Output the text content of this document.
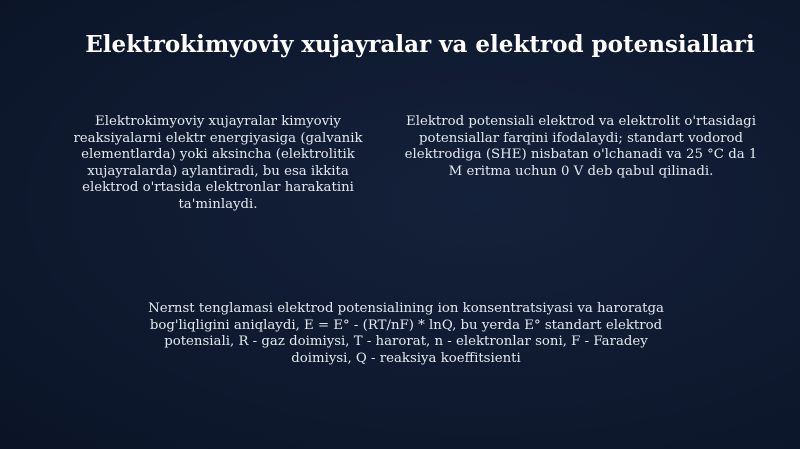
Elektrokimyoviy xujayralar va elektrod potensiallari

Elektrokimyoviy xujayralar kimyoviy reaksiyalarni elektr energiyasiga (galvanik elementlarda) yoki aksincha (elektrolitik xujayralarda) aylantiradi, bu esa ikkita elektrod o'rtasida elektronlar harakatini ta'minlaydi.

Elektrod potensiali elektrod va elektrolit o'rtasidagi potensiallar farqini ifodalaydi; standart vodorod elektrodiga (SHE) nisbatan o'lchanadi va 25 °C da 1 M eritma uchun 0 V deb qabul qilinadi.

Nernst tenglamasi elektrod potensialining ion konsentratsiyasi va haroratga bog'liqligini aniqlaydi, E = E° - (RT/nF) * lnQ, bu yerda E° standart elektrod potensiali, R - gaz doimiysi, T - harorat, n - elektronlar soni, F - Faradey doimiysi, Q - reaksiya koeffitsienti
